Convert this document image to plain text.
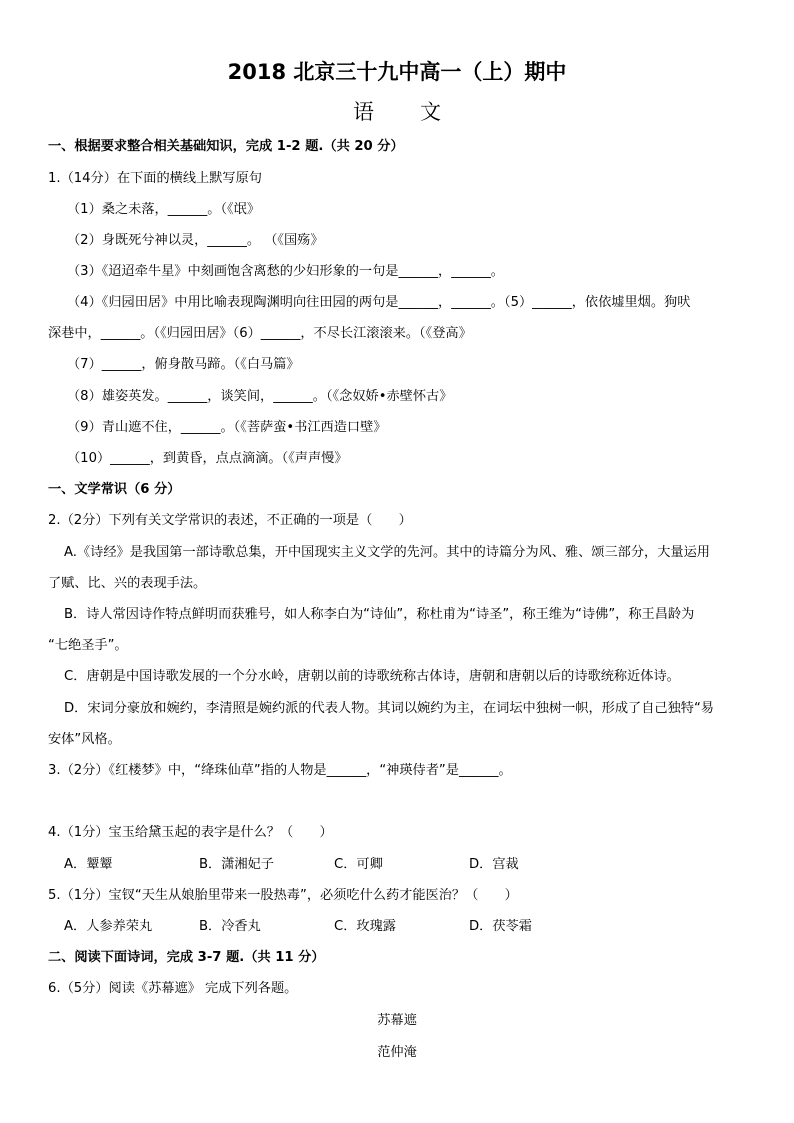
2018 北京三十九中高一（上）期中
语文
一、根据要求整合相关基础知识，完成 1-2 题.（共 20 分）
1.（14分）在下面的横线上默写原句
（1）桑之未落，______。（《氓》
（2）身既死兮神以灵，______。 （《国殇》
（3）《迢迢牵牛星》中刻画饱含离愁的少妇形象的一句是______，______。
（4）《归园田居》中用比喻表现陶渊明向往田园的两句是______，______。（5）______，依依墟里烟。狗吠
深巷中，______。（《归园田居》（6）______，不尽长江滚滚来。（《登高》
（7）______，俯身散马蹄。（《白马篇》
（8）雄姿英发。______，谈笑间，______。（《念奴娇•赤壁怀古》
（9）青山遮不住，______。（《菩萨蛮•书江西造口壁》
（10）______，到黄昏，点点滴滴。（《声声慢》
一、文学常识（6 分）
2.（2分）下列有关文学常识的表述，不正确的一项是（　　）
A.《诗经》是我国第一部诗歌总集，开中国现实主义文学的先河。其中的诗篇分为风、雅、颂三部分，大量运用
了赋、比、兴的表现手法。
B．诗人常因诗作特点鲜明而获雅号，如人称李白为“诗仙”，称杜甫为“诗圣”，称王维为“诗佛”，称王昌龄为
“七绝圣手”。
C．唐朝是中国诗歌发展的一个分水岭，唐朝以前的诗歌统称古体诗，唐朝和唐朝以后的诗歌统称近体诗。
D．宋词分豪放和婉约，李清照是婉约派的代表人物。其词以婉约为主，在词坛中独树一帜，形成了自己独特“易
安体”风格。
3.（2分）《红楼梦》中，“绛珠仙草”指的人物是______，“神瑛侍者”是______。
4.（1分）宝玉给黛玉起的表字是什么？（　　）
A．颦颦	B．潇湘妃子	C．可卿	D．宫裁
5.（1分）宝钗“天生从娘胎里带来一股热毒”，必须吃什么药才能医治？（　　）
A．人参养荣丸	B．冷香丸	C．玫瑰露	D．茯苓霜
二、阅读下面诗词，完成 3-7 题.（共 11 分）
6.（5分）阅读《苏幕遮》 完成下列各题。
苏幕遮
范仲淹
